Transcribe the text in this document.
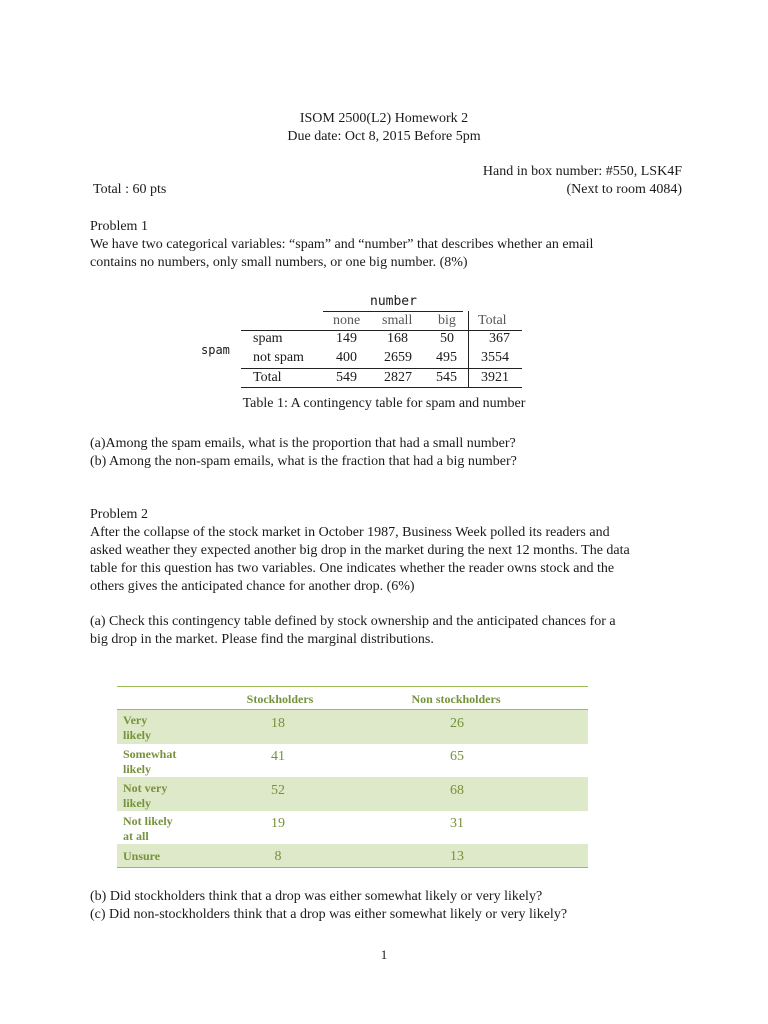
ISOM 2500(L2) Homework 2
Due date: Oct 8, 2015 Before 5pm
Hand in box number: #550, LSK4F
Total : 60 pts	(Next to room 4084)
Problem 1
We have two categorical variables: “spam” and “number” that describes whether an email
contains no numbers, only small numbers, or one big number. (8%)
number
none small big Total
spam
spam	149 168 50	367
not spam 400 2659 495 3554
Total	549 2827 545 3921
Table 1: A contingency table for spam and number
(a)Among the spam emails, what is the proportion that had a small number?
(b) Among the non-spam emails, what is the fraction that had a big number?
Problem 2
After the collapse of the stock market in October 1987, Business Week polled its readers and
asked weather they expected another big drop in the market during the next 12 months. The data
table for this question has two variables. One indicates whether the reader owns stock and the
others gives the anticipated chance for another drop. (6%)
(a) Check this contingency table defined by stock ownership and the anticipated chances for a
big drop in the market. Please find the marginal distributions.
Stockholders	Non stockholders
Very
likely
18	26
Somewhat
likely
41	65
Not very
likely
52	68
Not likely
at all
19	31
Unsure	8	13
(b) Did stockholders think that a drop was either somewhat likely or very likely?
(c) Did non-stockholders think that a drop was either somewhat likely or very likely?
1
